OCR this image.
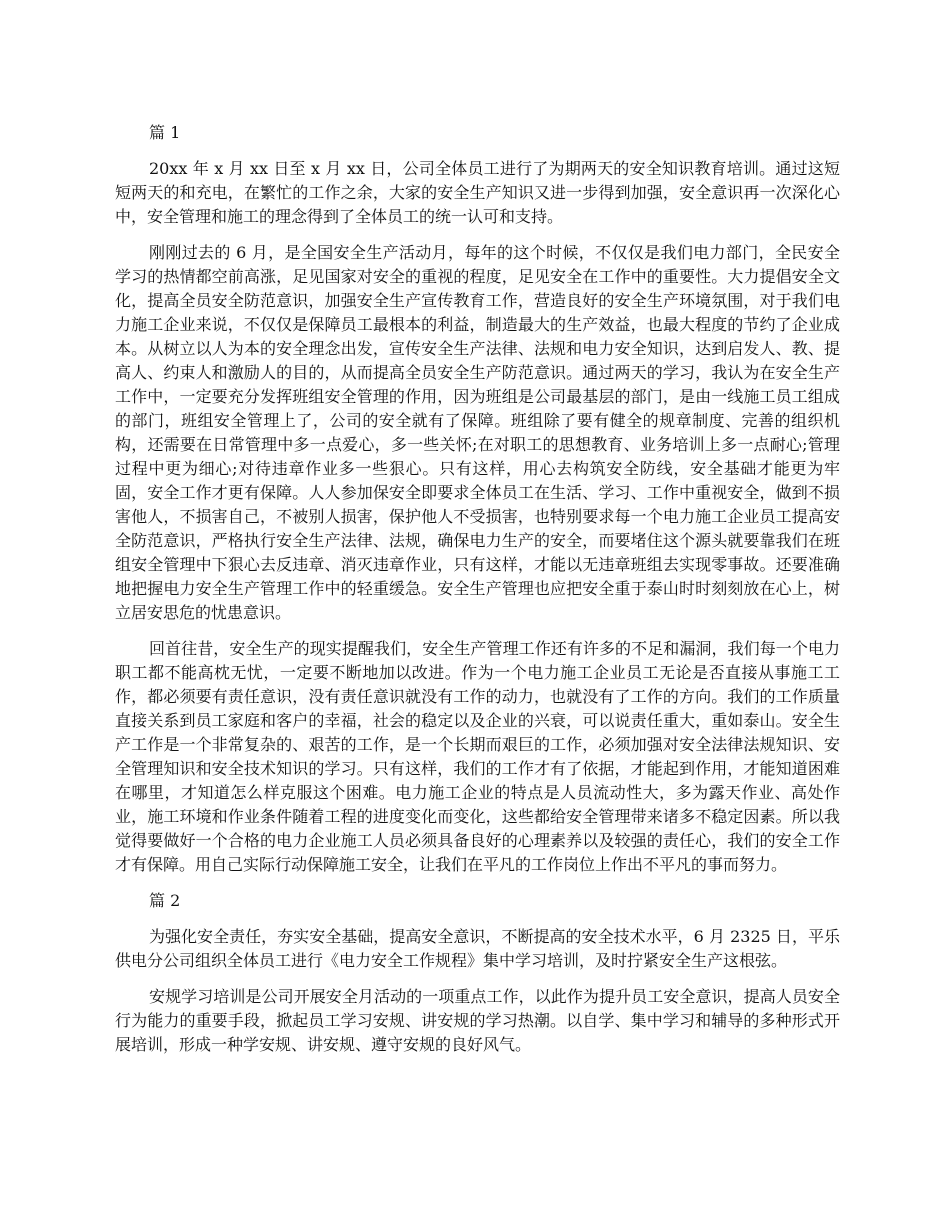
篇 1

20xx 年 x 月 xx 日至 x 月 xx 日，公司全体员工进行了为期两天的安全知识教育培训。通过这短短两天的和充电，在繁忙的工作之余，大家的安全生产知识又进一步得到加强，安全意识再一次深化心中，安全管理和施工的理念得到了全体员工的统一认可和支持。

刚刚过去的 6 月，是全国安全生产活动月，每年的这个时候，不仅仅是我们电力部门，全民安全学习的热情都空前高涨，足见国家对安全的重视的程度，足见安全在工作中的重要性。大力提倡安全文化，提高全员安全防范意识，加强安全生产宣传教育工作，营造良好的安全生产环境氛围，对于我们电力施工企业来说，不仅仅是保障员工最根本的利益，制造最大的生产效益，也最大程度的节约了企业成本。从树立以人为本的安全理念出发，宣传安全生产法律、法规和电力安全知识，达到启发人、教、提高人、约束人和激励人的目的，从而提高全员安全生产防范意识。通过两天的学习，我认为在安全生产工作中，一定要充分发挥班组安全管理的作用，因为班组是公司最基层的部门，是由一线施工员工组成的部门，班组安全管理上了，公司的安全就有了保障。班组除了要有健全的规章制度、完善的组织机构，还需要在日常管理中多一点爱心，多一些关怀;在对职工的思想教育、业务培训上多一点耐心;管理过程中更为细心;对待违章作业多一些狠心。只有这样，用心去构筑安全防线，安全基础才能更为牢固，安全工作才更有保障。人人参加保安全即要求全体员工在生活、学习、工作中重视安全，做到不损害他人，不损害自己，不被别人损害，保护他人不受损害，也特别要求每一个电力施工企业员工提高安全防范意识，严格执行安全生产法律、法规，确保电力生产的安全，而要堵住这个源头就要靠我们在班组安全管理中下狠心去反违章、消灭违章作业，只有这样，才能以无违章班组去实现零事故。还要准确地把握电力安全生产管理工作中的轻重缓急。安全生产管理也应把安全重于泰山时时刻刻放在心上，树立居安思危的忧患意识。

回首往昔，安全生产的现实提醒我们，安全生产管理工作还有许多的不足和漏洞，我们每一个电力职工都不能高枕无忧，一定要不断地加以改进。作为一个电力施工企业员工无论是否直接从事施工工作，都必须要有责任意识，没有责任意识就没有工作的动力，也就没有了工作的方向。我们的工作质量直接关系到员工家庭和客户的幸福，社会的稳定以及企业的兴衰，可以说责任重大，重如泰山。安全生产工作是一个非常复杂的、艰苦的工作，是一个长期而艰巨的工作，必须加强对安全法律法规知识、安全管理知识和安全技术知识的学习。只有这样，我们的工作才有了依据，才能起到作用，才能知道困难在哪里，才知道怎么样克服这个困难。电力施工企业的特点是人员流动性大，多为露天作业、高处作业，施工环境和作业条件随着工程的进度变化而变化，这些都给安全管理带来诸多不稳定因素。所以我觉得要做好一个合格的电力企业施工人员必须具备良好的心理素养以及较强的责任心，我们的安全工作才有保障。用自己实际行动保障施工安全，让我们在平凡的工作岗位上作出不平凡的事而努力。

篇 2

为强化安全责任，夯实安全基础，提高安全意识，不断提高的安全技术水平，6 月 2325 日，平乐供电分公司组织全体员工进行《电力安全工作规程》集中学习培训，及时拧紧安全生产这根弦。

安规学习培训是公司开展安全月活动的一项重点工作，以此作为提升员工安全意识，提高人员安全行为能力的重要手段，掀起员工学习安规、讲安规的学习热潮。以自学、集中学习和辅导的多种形式开展培训，形成一种学安规、讲安规、遵守安规的良好风气。
